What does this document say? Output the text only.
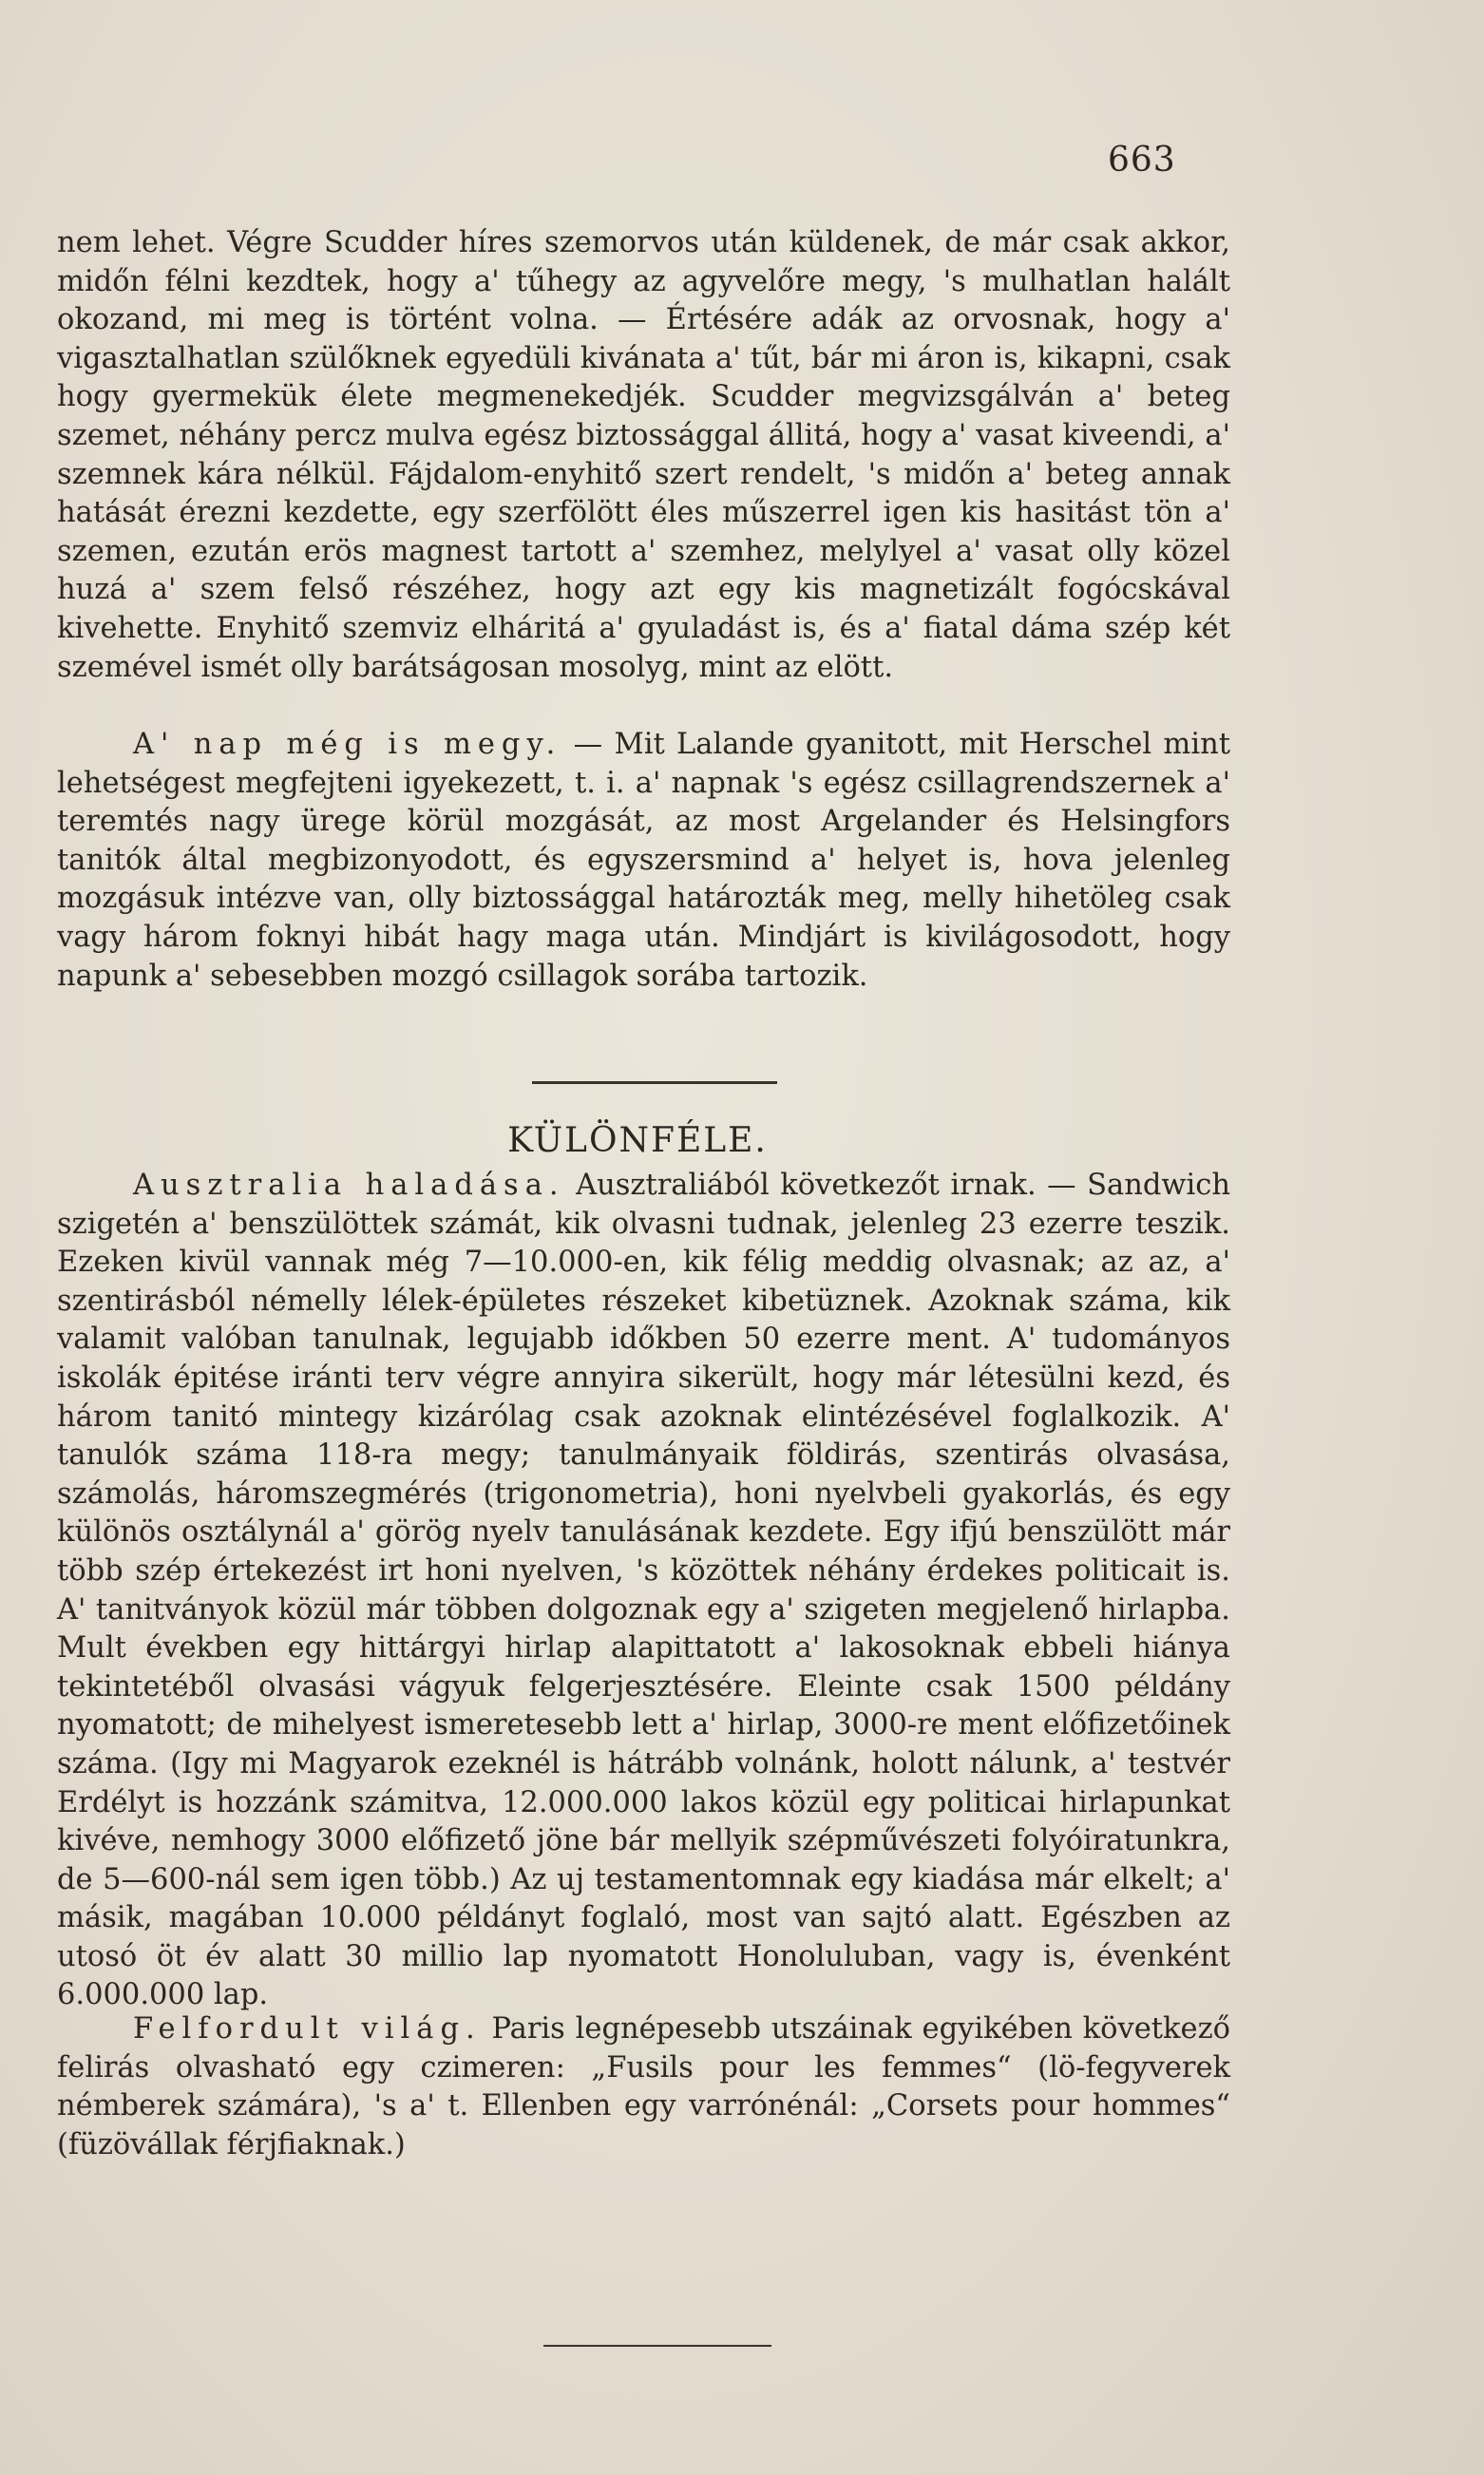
663

nem lehet. Végre Scudder híres szemorvos után küldenek, de már csak akkor, midőn félni kezdtek, hogy a' tűhegy az agyvelőre megy, 's mulhatlan halált okozand, mi meg is történt volna. — Értésére adák az orvosnak, hogy a' vigasztalhatlan szülőknek egyedüli kivánata a' tűt, bár mi áron is, kikapni, csak hogy gyermekük élete megmenekedjék. Scudder megvizsgálván a' beteg szemet, néhány percz mulva egész biztossággal állitá, hogy a' vasat kiveendi, a' szemnek kára nélkül. Fájdalom-enyhitő szert rendelt, 's midőn a' beteg annak hatását érezni kezdette, egy szerfölött éles műszerrel igen kis hasitást tön a' szemen, ezután erös magnest tartott a' szemhez, melylyel a' vasat olly közel huzá a' szem felső részéhez, hogy azt egy kis magnetizált fogócskával kivehette. Enyhitő szemviz elháritá a' gyuladást is, és a' fiatal dáma szép két szemével ismét olly barátságosan mosolyg, mint az elött.

A' nap még is megy. — Mit Lalande gyanitott, mit Herschel mint lehetségest megfejteni igyekezett, t. i. a' napnak 's egész csillagrendszernek a' teremtés nagy ürege körül mozgását, az most Argelander és Helsingfors tanitók által megbizonyodott, és egyszersmind a' helyet is, hova jelenleg mozgásuk intézve van, olly biztossággal határozták meg, melly hihetöleg csak vagy három foknyi hibát hagy maga után. Mindjárt is kivilágosodott, hogy napunk a' sebesebben mozgó csillagok sorába tartozik.

KÜLÖNFÉLE.

Ausztralia haladása. Ausztraliából következőt irnak. — Sandwich szigetén a' benszülöttek számát, kik olvasni tudnak, jelenleg 23 ezerre teszik. Ezeken kivül vannak még 7—10.000-en, kik félig meddig olvasnak; az az, a' szentirásból némelly lélek-épületes részeket kibetüznek. Azoknak száma, kik valamit valóban tanulnak, legujabb időkben 50 ezerre ment. A' tudományos iskolák épitése iránti terv végre annyira sikerült, hogy már létesülni kezd, és három tanitó mintegy kizárólag csak azoknak elintézésével foglalkozik. A' tanulók száma 118-ra megy; tanulmányaik földirás, szentirás olvasása, számolás, háromszegmérés (trigonometria), honi nyelvbeli gyakorlás, és egy különös osztálynál a' görög nyelv tanulásának kezdete. Egy ifjú benszülött már több szép értekezést irt honi nyelven, 's közöttek néhány érdekes politicait is. A' tanitványok közül már többen dolgoznak egy a' szigeten megjelenő hirlapba. Mult években egy hittárgyi hirlap alapittatott a' lakosoknak ebbeli hiánya tekintetéből olvasási vágyuk felgerjesztésére. Eleinte csak 1500 példány nyomatott; de mihelyest ismeretesebb lett a' hirlap, 3000-re ment előfizetőinek száma. (Igy mi Magyarok ezeknél is hátrább volnánk, holott nálunk, a' testvér Erdélyt is hozzánk számitva, 12.000.000 lakos közül egy politicai hirlapunkat kivéve, nemhogy 3000 előfizető jöne bár mellyik szépművészeti folyóiratunkra, de 5—600-nál sem igen több.) Az uj testamentomnak egy kiadása már elkelt; a' másik, magában 10.000 példányt foglaló, most van sajtó alatt. Egészben az utosó öt év alatt 30 millio lap nyomatott Honoluluban, vagy is, évenként 6.000.000 lap.

Felfordult világ. Paris legnépesebb utszáinak egyikében következő felirás olvasható egy czimeren: „Fusils pour les femmes“ (lö-fegyverek némberek számára), 's a' t. Ellenben egy varrónénál: „Corsets pour hommes“ (füzövállak férjfiaknak.)
